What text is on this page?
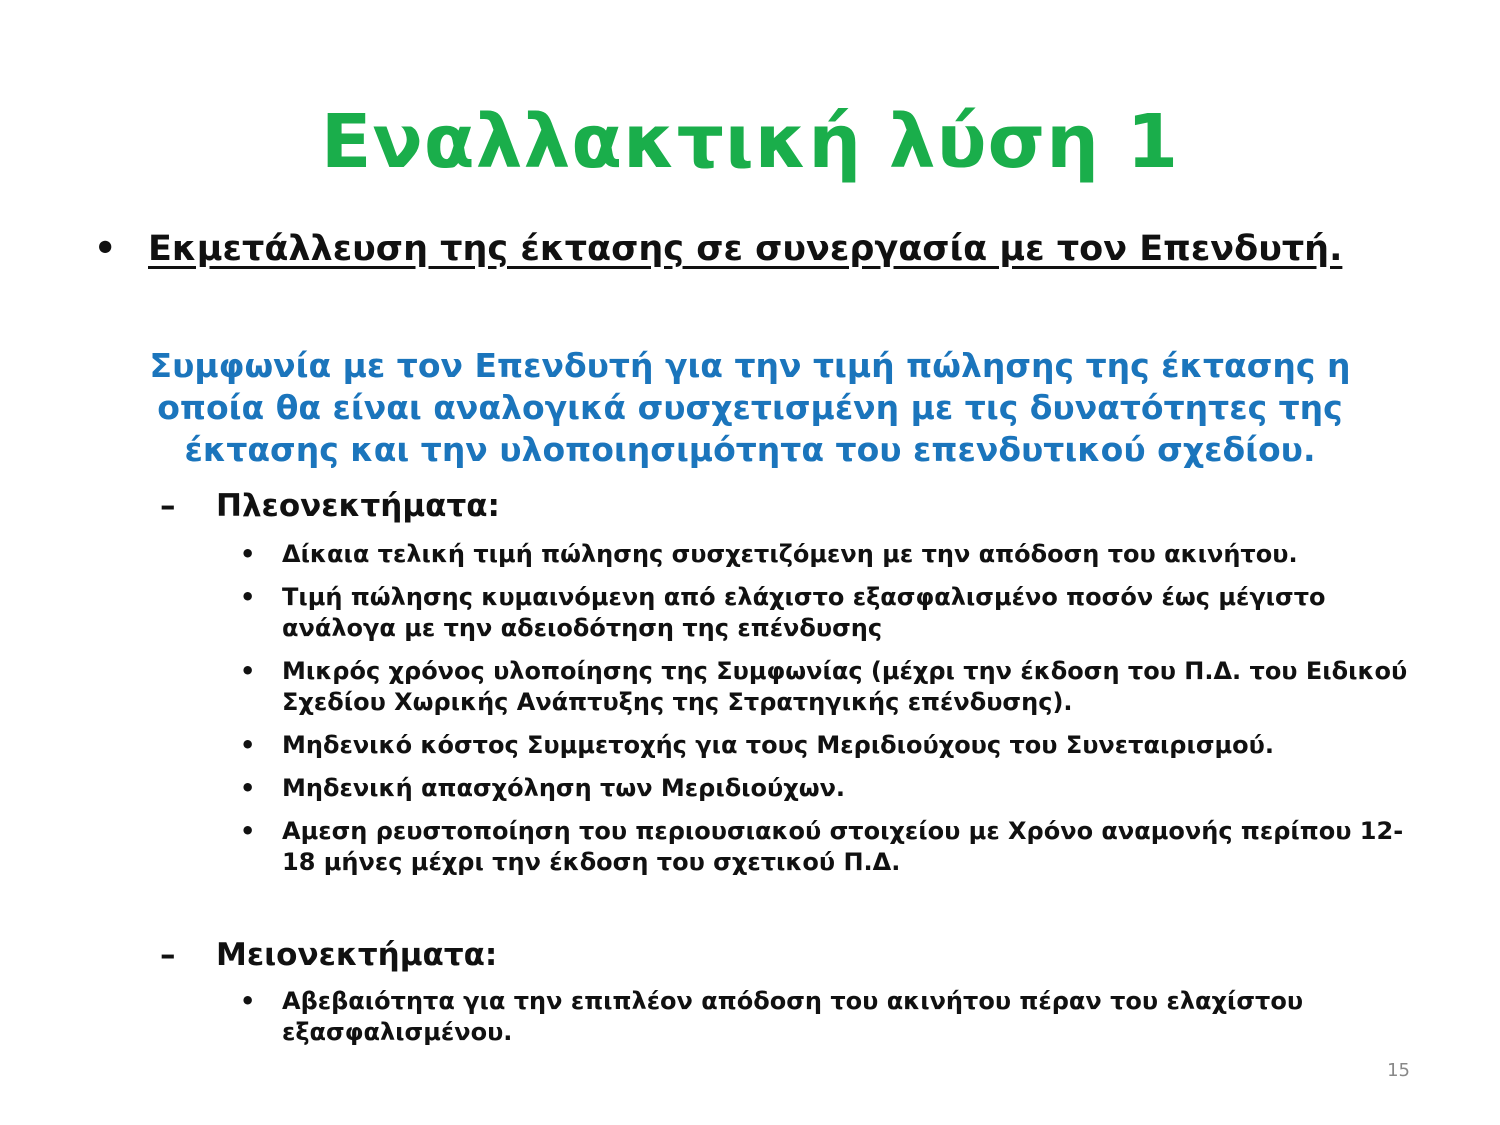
Εναλλακτική λύση 1
• Εκμετάλλευση της έκτασης σε συνεργασία με τον Επενδυτή.
Συμφωνία με τον Επενδυτή για την τιμή πώλησης της έκτασης η οποία θα είναι αναλογικά συσχετισμένη με τις δυνατότητες της έκτασης και την υλοποιησιμότητα του επενδυτικού σχεδίου.
– Πλεονεκτήματα:
• Δίκαια τελική τιμή πώλησης συσχετιζόμενη με την απόδοση του ακινήτου.
• Τιμή πώλησης κυμαινόμενη από ελάχιστο εξασφαλισμένο ποσόν έως μέγιστο ανάλογα με την αδειοδότηση της επένδυσης
• Μικρός χρόνος υλοποίησης της Συμφωνίας (μέχρι την έκδοση του Π.Δ. του Ειδικού Σχεδίου Χωρικής Ανάπτυξης της Στρατηγικής επένδυσης).
• Μηδενικό κόστος Συμμετοχής για τους Μεριδιούχους του Συνεταιρισμού.
• Μηδενική απασχόληση των Μεριδιούχων.
• Αμεση ρευστοποίηση του περιουσιακού στοιχείου με Χρόνο αναμονής περίπου 12-18 μήνες μέχρι την έκδοση του σχετικού Π.Δ.
– Μειονεκτήματα:
• Αβεβαιότητα για την επιπλέον απόδοση του ακινήτου πέραν του ελαχίστου εξασφαλισμένου.
15
